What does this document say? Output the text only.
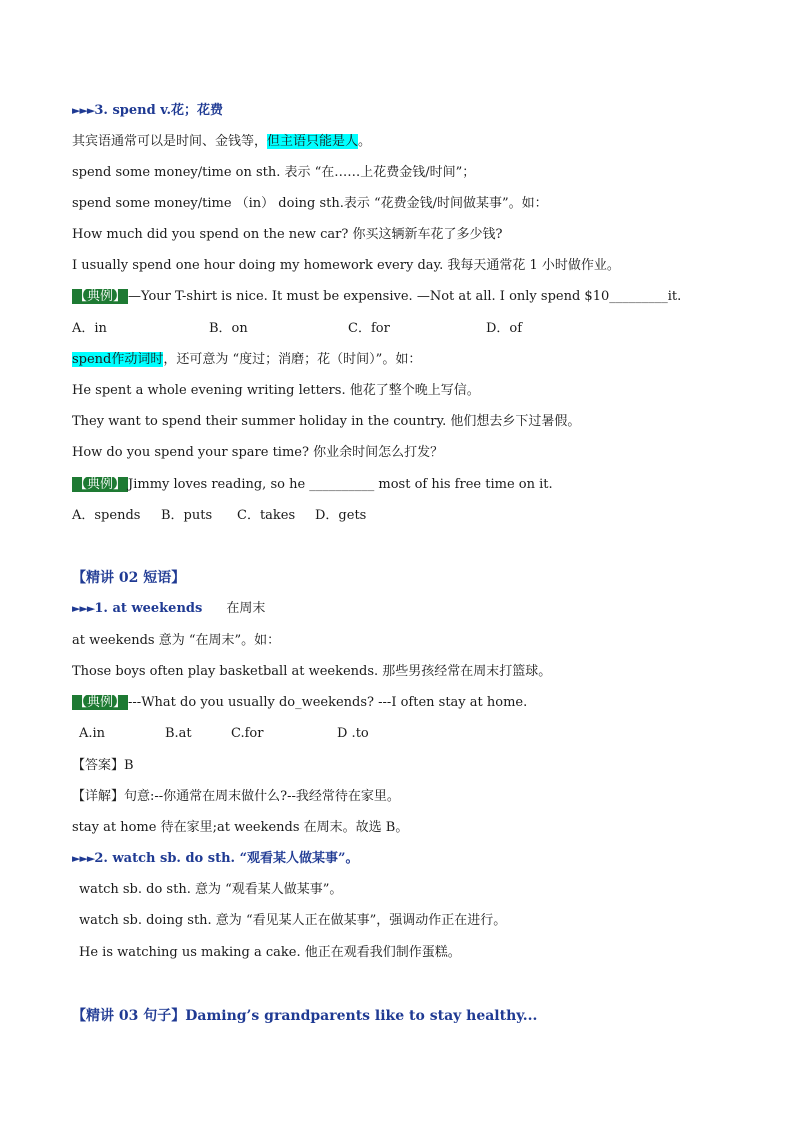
►►►3. spend v.花；花费
其宾语通常可以是时间、金钱等，但主语只能是人。
spend some money/time on sth. 表示 “在……上花费金钱/时间”；
spend some money/time （in） doing sth.表示 “花费金钱/时间做某事”。如：
How much did you spend on the new car? 你买这辆新车花了多少钱?
I usually spend one hour doing my homework every day. 我每天通常花 1 小时做作业。
【典例】 —Your T-shirt is nice. It must be expensive. —Not at all. I only spend $10_________it.
A．in	B．on	C．for	D．of
spend作动词时，还可意为 “度过；消磨；花（时间）”。如：
He spent a whole evening writing letters. 他花了整个晚上写信。
They want to spend their summer holiday in the country. 他们想去乡下过暑假。
How do you spend your spare time? 你业余时间怎么打发？
【典例】 Jimmy loves reading, so he __________ most of his free time on it.
A．spends B．puts C．takes D．gets
【精讲 02 短语】
►►►1. at weekends 在周末
at weekends 意为 “在周末”。如：
Those boys often play basketball at weekends. 那些男孩经常在周末打篮球。
【典例】 ---What do you usually do_weekends? ---I often stay at home.
A.in	B.at	C.for	D .to
【答案】B
【详解】句意:--你通常在周末做什么?--我经常待在家里。
stay at home 待在家里;at weekends 在周末。故选 B。
►►►2. watch sb. do sth. “观看某人做某事”。
watch sb. do sth. 意为 “观看某人做某事”。
watch sb. doing sth. 意为 “看见某人正在做某事”，强调动作正在进行。
He is watching us making a cake. 他正在观看我们制作蛋糕。
【精讲 03 句子】Daming’s grandparents like to stay healthy...
